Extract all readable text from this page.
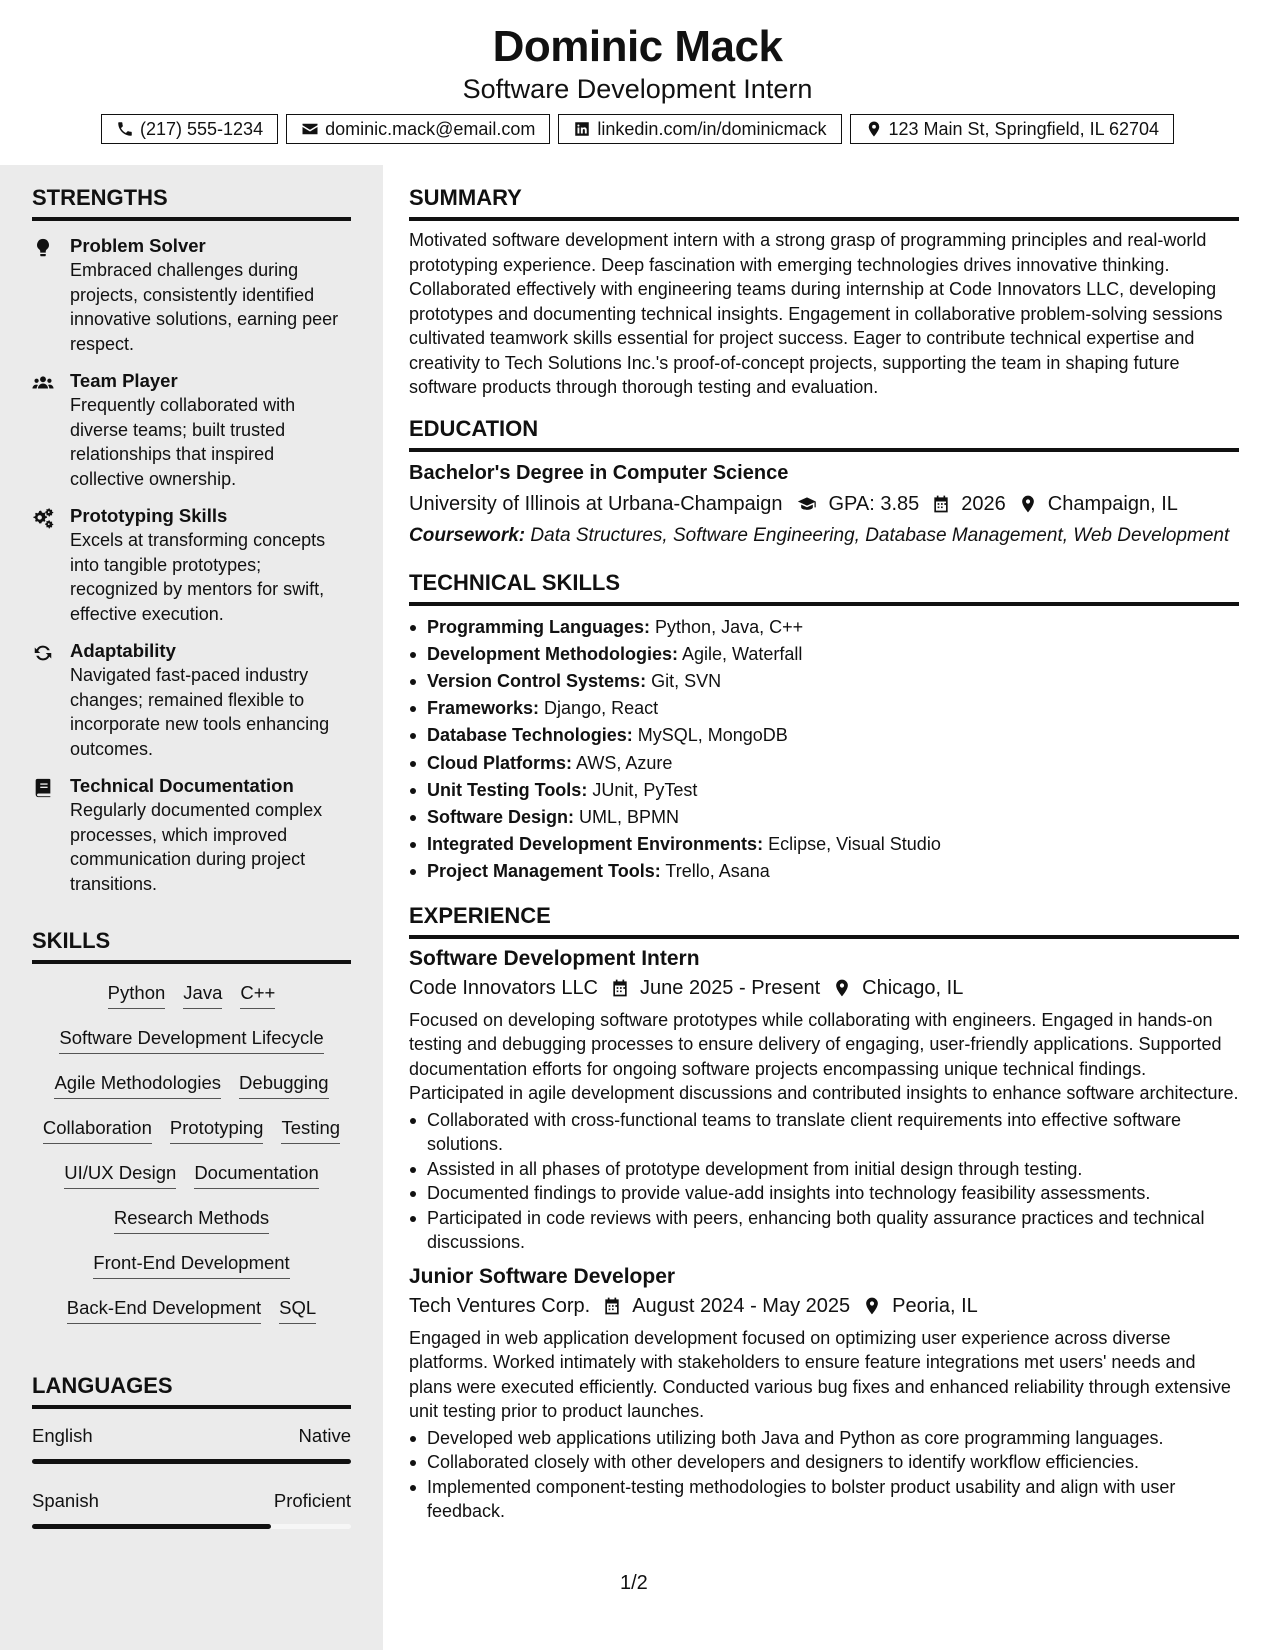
Dominic Mack
Software Development Intern
(217) 555-1234	dominic.mack@email.com	linkedin.com/in/dominicmack	123 Main St, Springfield, IL 62704
STRENGTHS
Problem Solver
Embraced challenges during projects, consistently identified innovative solutions, earning peer respect.
Team Player
Frequently collaborated with diverse teams; built trusted relationships that inspired collective ownership.
Prototyping Skills
Excels at transforming concepts into tangible prototypes; recognized by mentors for swift, effective execution.
Adaptability
Navigated fast-paced industry changes; remained flexible to incorporate new tools enhancing outcomes.
Technical Documentation
Regularly documented complex processes, which improved communication during project transitions.
SKILLS
Python Java C++
Software Development Lifecycle
Agile Methodologies Debugging
Collaboration Prototyping Testing
UI/UX Design Documentation
Research Methods
Front-End Development
Back-End Development SQL
LANGUAGES
English	Native
Spanish	Proficient
SUMMARY
Motivated software development intern with a strong grasp of programming principles and real-world prototyping experience. Deep fascination with emerging technologies drives innovative thinking. Collaborated effectively with engineering teams during internship at Code Innovators LLC, developing prototypes and documenting technical insights. Engagement in collaborative problem-solving sessions cultivated teamwork skills essential for project success. Eager to contribute technical expertise and creativity to Tech Solutions Inc.'s proof-of-concept projects, supporting the team in shaping future software products through thorough testing and evaluation.
EDUCATION
Bachelor's Degree in Computer Science
University of Illinois at Urbana-Champaign GPA: 3.85 2026 Champaign, IL
Coursework: Data Structures, Software Engineering, Database Management, Web Development
TECHNICAL SKILLS
Programming Languages: Python, Java, C++
Development Methodologies: Agile, Waterfall
Version Control Systems: Git, SVN
Frameworks: Django, React
Database Technologies: MySQL, MongoDB
Cloud Platforms: AWS, Azure
Unit Testing Tools: JUnit, PyTest
Software Design: UML, BPMN
Integrated Development Environments: Eclipse, Visual Studio
Project Management Tools: Trello, Asana
EXPERIENCE
Software Development Intern
Code Innovators LLC June 2025 - Present Chicago, IL
Focused on developing software prototypes while collaborating with engineers. Engaged in hands-on testing and debugging processes to ensure delivery of engaging, user-friendly applications. Supported documentation efforts for ongoing software projects encompassing unique technical findings. Participated in agile development discussions and contributed insights to enhance software architecture.
Collaborated with cross-functional teams to translate client requirements into effective software solutions.
Assisted in all phases of prototype development from initial design through testing.
Documented findings to provide value-add insights into technology feasibility assessments.
Participated in code reviews with peers, enhancing both quality assurance practices and technical discussions.
Junior Software Developer
Tech Ventures Corp. August 2024 - May 2025 Peoria, IL
Engaged in web application development focused on optimizing user experience across diverse platforms. Worked intimately with stakeholders to ensure feature integrations met users' needs and plans were executed efficiently. Conducted various bug fixes and enhanced reliability through extensive unit testing prior to product launches.
Developed web applications utilizing both Java and Python as core programming languages.
Collaborated closely with other developers and designers to identify workflow efficiencies.
Implemented component-testing methodologies to bolster product usability and align with user feedback.
1/2
